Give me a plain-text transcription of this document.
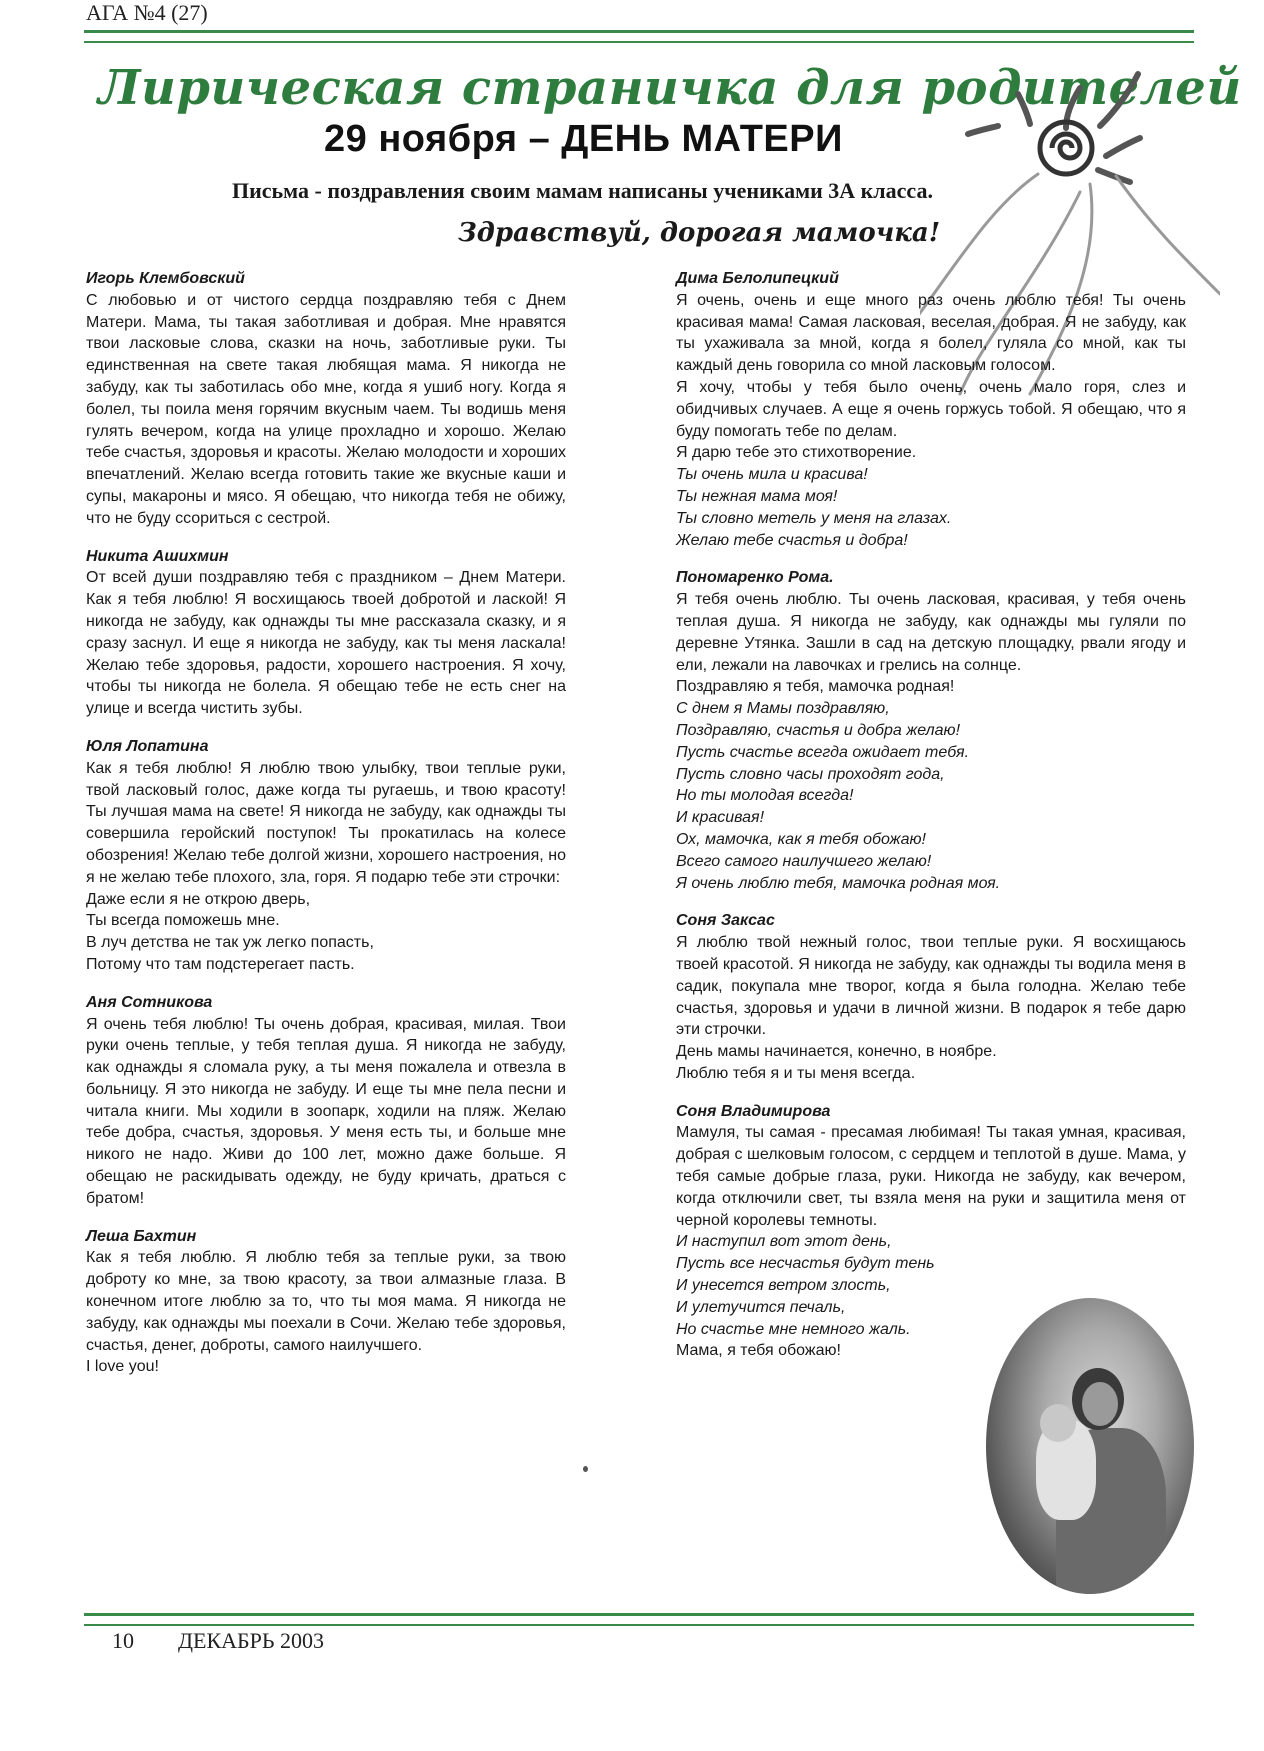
АГА №4 (27)
Лирическая страничка для родителей
29 ноября – ДЕНЬ МАТЕРИ
Письма - поздравления своим мамам написаны учениками 3А класса.
Здравствуй, дорогая мамочка!

Игорь Клембовский

С любовью и от чистого сердца поздравляю тебя с Днем Матери. Мама, ты такая заботливая и добрая. Мне нравятся твои ласковые слова, сказки на ночь, заботливые руки. Ты единственная на свете такая любящая мама. Я никогда не забуду, как ты заботилась обо мне, когда я ушиб ногу. Когда я болел, ты поила меня горячим вкусным чаем. Ты водишь меня гулять вечером, когда на улице прохладно и хорошо. Желаю тебе счастья, здоровья и красоты. Желаю молодости и хороших впечатлений. Желаю всегда готовить такие же вкусные каши и супы, макароны и мясо. Я обещаю, что никогда тебя не обижу, что не буду ссориться с сестрой.

Никита Ашихмин

От всей души поздравляю тебя с праздником – Днем Матери. Как я тебя люблю! Я восхищаюсь твоей добротой и лаской! Я никогда не забуду, как однажды ты мне рассказала сказку, и я сразу заснул. И еще я никогда не забуду, как ты меня ласкала! Желаю тебе здоровья, радости, хорошего настроения. Я хочу, чтобы ты никогда не болела. Я обещаю тебе не есть снег на улице и всегда чистить зубы.

Юля Лопатина

Как я тебя люблю! Я люблю твою улыбку, твои теплые руки, твой ласковый голос, даже когда ты ругаешь, и твою красоту! Ты лучшая мама на свете! Я никогда не забуду, как однажды ты совершила геройский поступок! Ты прокатилась на колесе обозрения! Желаю тебе долгой жизни, хорошего настроения, но я не желаю тебе плохого, зла, горя. Я подарю тебе эти строчки:

Даже если я не открою дверь,

Ты всегда поможешь мне.

В луч детства не так уж легко попасть,

Потому что там подстерегает пасть.

Аня Сотникова

Я очень тебя люблю! Ты очень добрая, красивая, милая. Твои руки очень теплые, у тебя теплая душа. Я никогда не забуду, как однажды я сломала руку, а ты меня пожалела и отвезла в больницу. Я это никогда не забуду. И еще ты мне пела песни и читала книги. Мы ходили в зоопарк, ходили на пляж. Желаю тебе добра, счастья, здоровья. У меня есть ты, и больше мне никого не надо. Живи до 100 лет, можно даже больше. Я обещаю не раскидывать одежду, не буду кричать, драться с братом!

Леша Бахтин

Как я тебя люблю. Я люблю тебя за теплые руки, за твою доброту ко мне, за твою красоту, за твои алмазные глаза. В конечном итоге люблю за то, что ты моя мама. Я никогда не забуду, как однажды мы поехали в Сочи. Желаю тебе здоровья, счастья, денег, доброты, самого наилучшего.

I love you!

Дима Белолипецкий

Я очень, очень и еще много раз очень люблю тебя! Ты очень красивая мама! Самая ласковая, веселая, добрая. Я не забуду, как ты ухаживала за мной, когда я болел, гуляла со мной, как ты каждый день говорила со мной ласковым голосом.

Я хочу, чтобы у тебя было очень, очень мало горя, слез и обидчивых случаев. А еще я очень горжусь тобой. Я обещаю, что я буду помогать тебе по делам.

Я дарю тебе это стихотворение.

Ты очень мила и красива!

Ты нежная мама моя!

Ты словно метель у меня на глазах.

Желаю тебе счастья и добра!

Пономаренко Рома.

Я тебя очень люблю. Ты очень ласковая, красивая, у тебя очень теплая душа. Я никогда не забуду, как однажды мы гуляли по деревне Утянка. Зашли в сад на детскую площадку, рвали ягоду и ели, лежали на лавочках и грелись на солнце.

Поздравляю я тебя, мамочка родная!

С днем я Мамы поздравляю,

Поздравляю, счастья и добра желаю!

Пусть счастье всегда ожидает тебя.

Пусть словно часы проходят года,

Но ты молодая всегда!

И красивая!

Ох, мамочка, как я тебя обожаю!

Всего самого наилучшего желаю!

Я очень люблю тебя, мамочка родная моя.

Соня Заксас

Я люблю твой нежный голос, твои теплые руки. Я восхищаюсь твоей красотой. Я никогда не забуду, как однажды ты водила меня в садик, покупала мне творог, когда я была голодна. Желаю тебе счастья, здоровья и удачи в личной жизни. В подарок я тебе дарю эти строчки.

День мамы начинается, конечно, в ноябре.

Люблю тебя я и ты меня всегда.

Соня Владимирова

Мамуля, ты самая - пресамая любимая! Ты такая умная, красивая, добрая с шелковым голосом, с сердцем и теплотой в душе. Мама, у тебя самые добрые глаза, руки. Никогда не забуду, как вечером, когда отключили свет, ты взяла меня на руки и защитила меня от черной королевы темноты.

И наступил вот этот день,

Пусть все несчастья будут тень

И унесется ветром злость,

И улетучится печаль,

Но счастье мне немного жаль.

Мама, я тебя обожаю!

10 ДЕКАБРЬ 2003
